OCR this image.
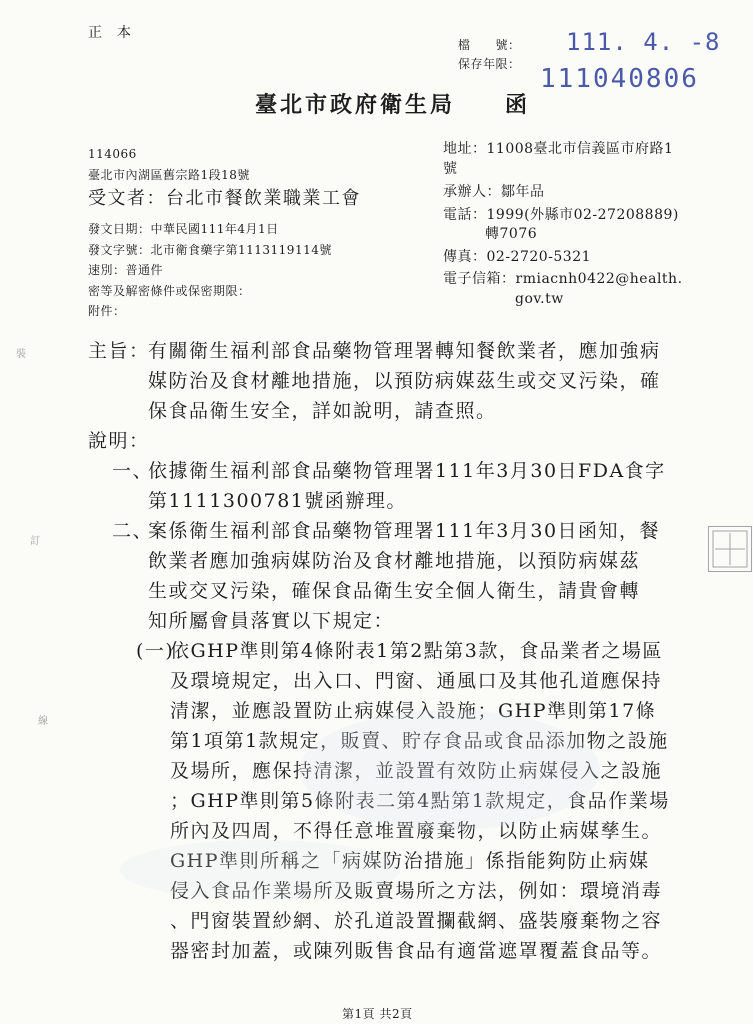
正　本
檔　　號：
保存年限：
111. 4. -8
111040806
臺北市政府衛生局　　函
114066
臺北市內湖區舊宗路1段18號
地址：11008臺北市信義區市府路1
號
承辦人：鄒年品
電話：1999(外縣市02-27208889)
轉7076
傳真：02-2720-5321
電子信箱：rmiacnh0422@health.
gov.tw
受文者：台北市餐飲業職業工會
發文日期：中華民國111年4月1日
發文字號：北市衛食藥字第1113119114號
速別：普通件
密等及解密條件或保密期限：
附件：
主旨：
有關衛生福利部食品藥物管理署轉知餐飲業者，應加強病
媒防治及食材離地措施，以預防病媒茲生或交叉污染，確
保食品衛生安全，詳如說明，請查照。
說明：
一、
依據衛生福利部食品藥物管理署111年3月30日FDA食字
第1111300781號函辦理。
二、
案係衛生福利部食品藥物管理署111年3月30日函知，餐
飲業者應加強病媒防治及食材離地措施，以預防病媒茲
生或交叉污染，確保食品衛生安全個人衛生，請貴會轉
知所屬會員落實以下規定：
(一)
依GHP準則第4條附表1第2點第3款，食品業者之場區
及環境規定，出入口、門窗、通風口及其他孔道應保持
清潔，並應設置防止病媒侵入設施；GHP準則第17條
第1項第1款規定，販賣、貯存食品或食品添加物之設施
及場所，應保持清潔，並設置有效防止病媒侵入之設施
；GHP準則第5條附表二第4點第1款規定，食品作業場
所內及四周，不得任意堆置廢棄物，以防止病媒孳生。
GHP準則所稱之「病媒防治措施」係指能夠防止病媒
侵入食品作業場所及販賣場所之方法，例如：環境消毒
、門窗裝置紗網、於孔道設置攔截網、盛裝廢棄物之容
器密封加蓋，或陳列販售食品有適當遮罩覆蓋食品等。
裝
訂
線
第1頁 共2頁
